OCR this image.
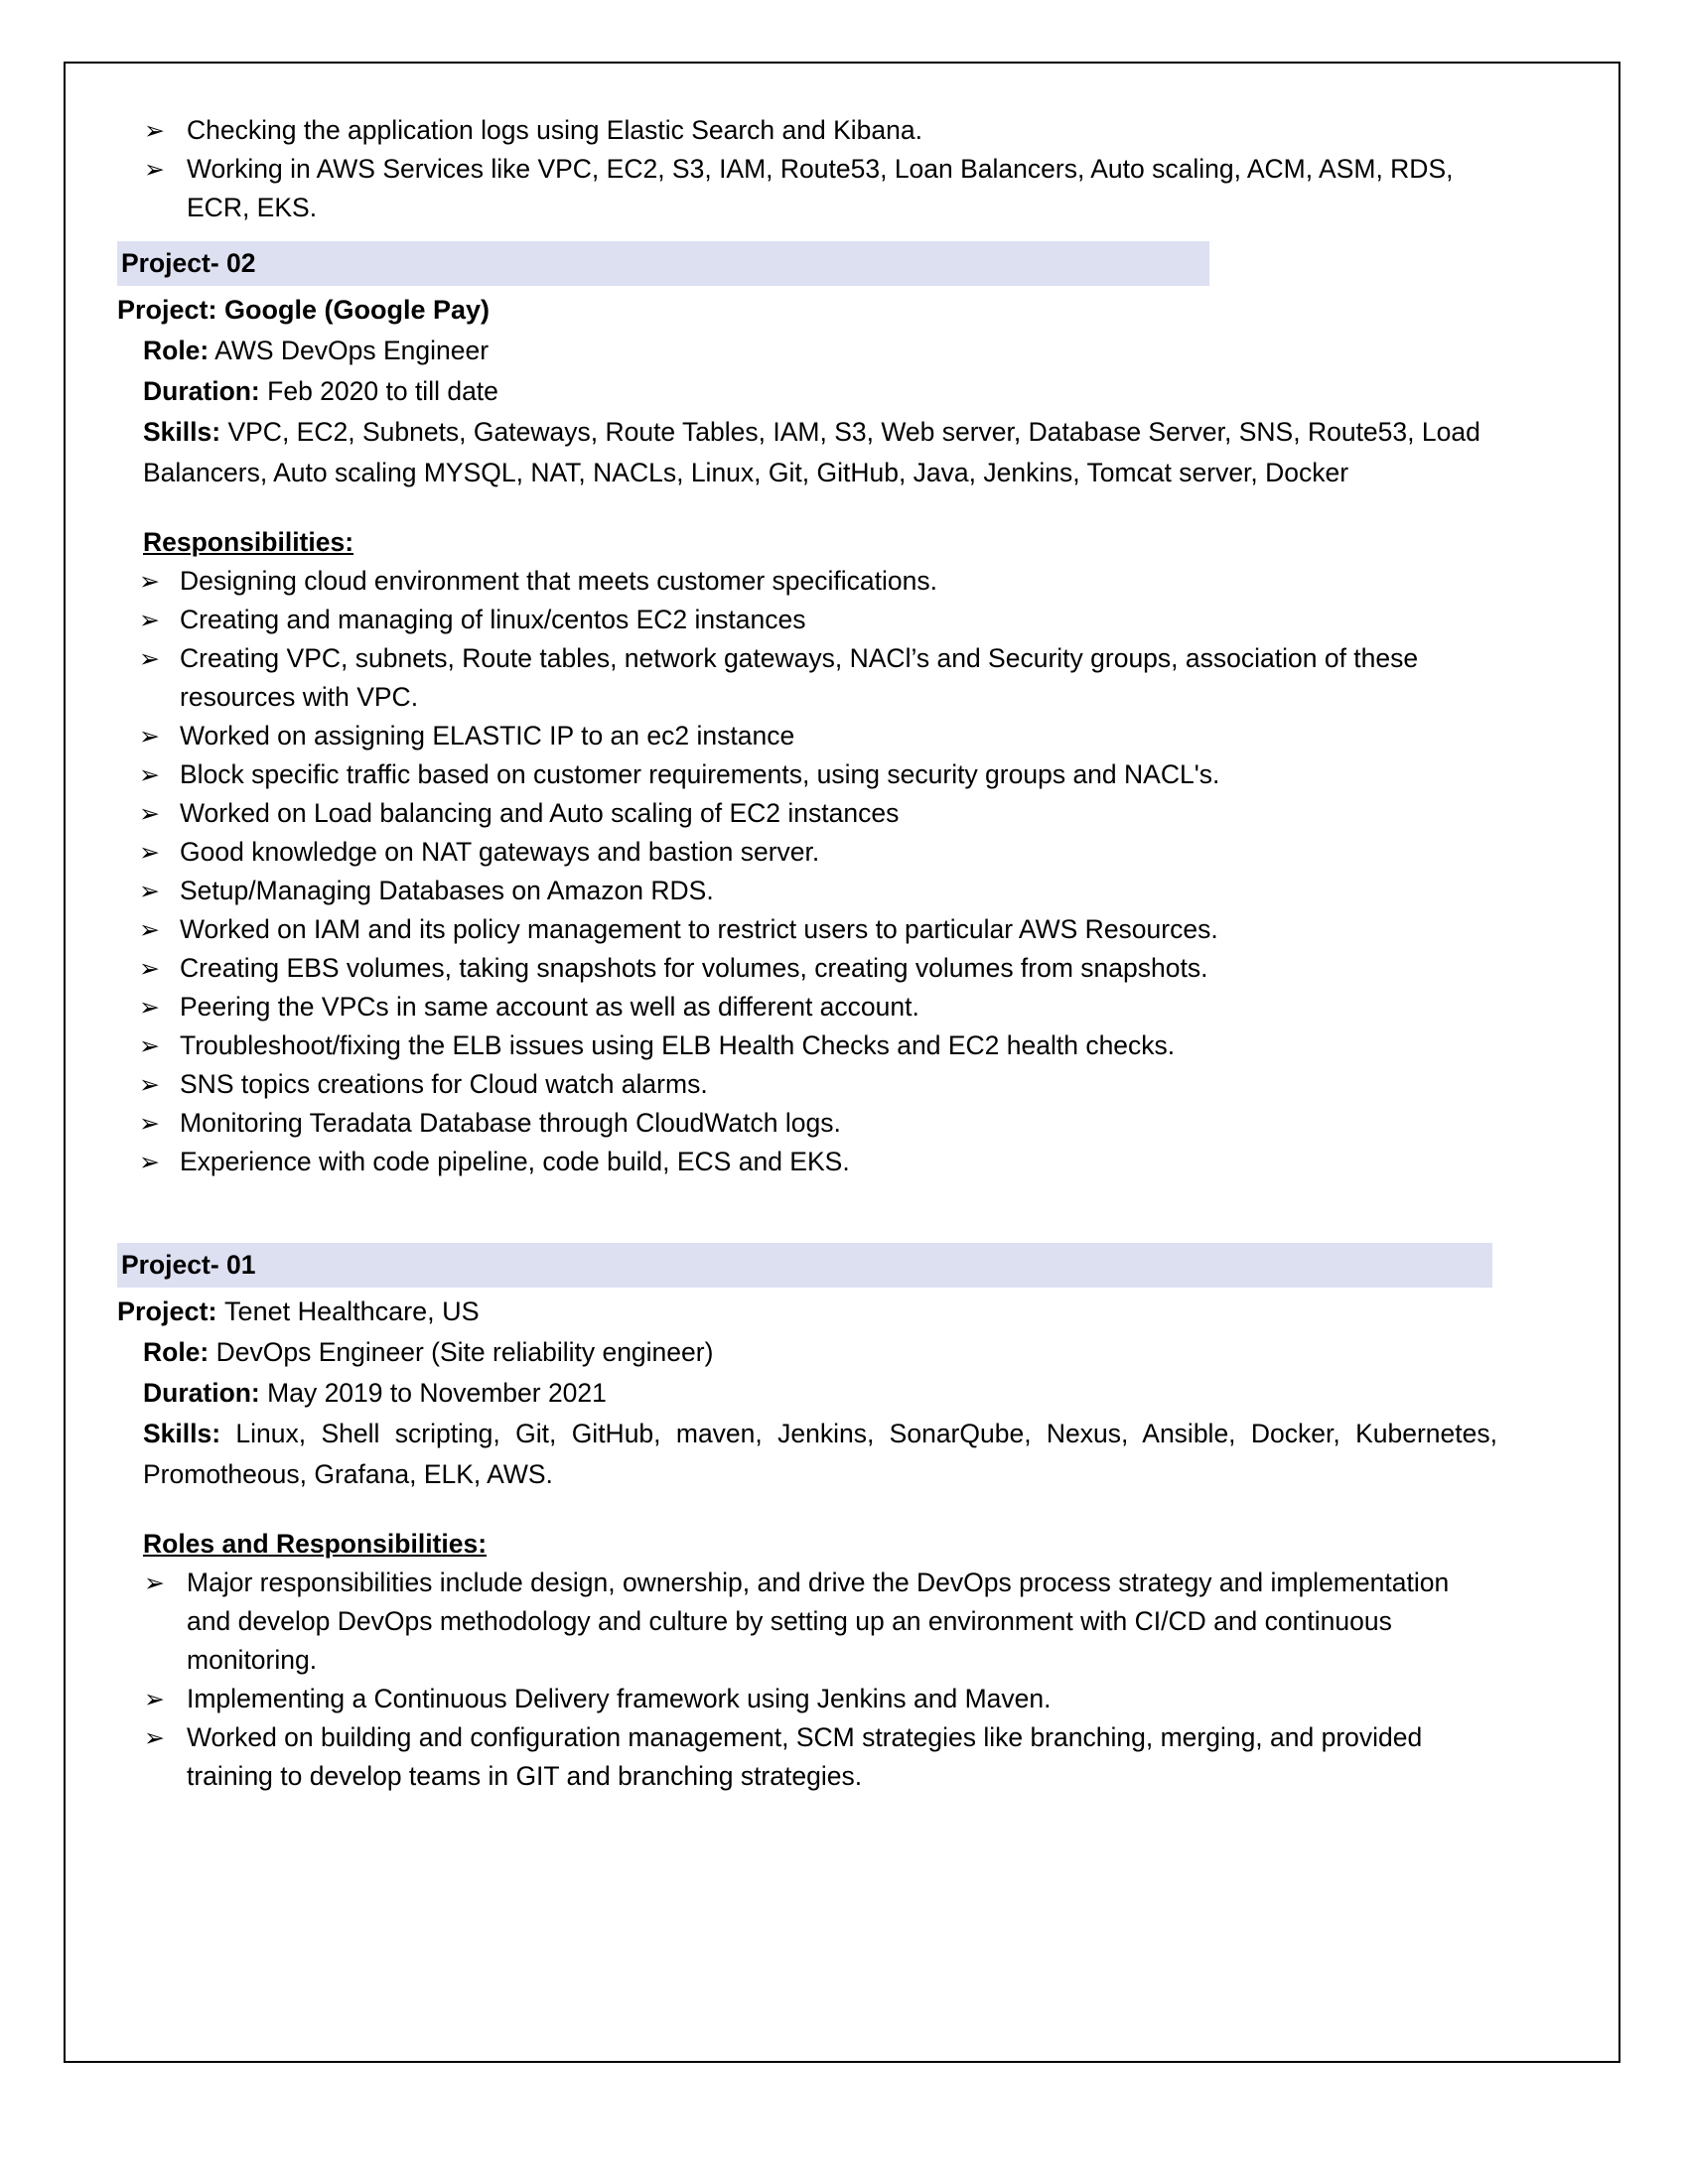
➢ Checking the application logs using Elastic Search and Kibana.
➢ Working in AWS Services like VPC, EC2, S3, IAM, Route53, Loan Balancers, Auto scaling, ACM, ASM, RDS, ECR, EKS.
Project- 02
Project: Google (Google Pay)
Role: AWS DevOps Engineer
Duration: Feb 2020 to till date
Skills: VPC, EC2, Subnets, Gateways, Route Tables, IAM, S3, Web server, Database Server, SNS, Route53, Load Balancers, Auto scaling MYSQL, NAT, NACLs, Linux, Git, GitHub, Java, Jenkins, Tomcat server, Docker
Responsibilities:
➢ Designing cloud environment that meets customer specifications.
➢ Creating and managing of linux/centos EC2 instances
➢ Creating VPC, subnets, Route tables, network gateways, NACl’s and Security groups, association of these resources with VPC.
➢ Worked on assigning ELASTIC IP to an ec2 instance
➢ Block specific traffic based on customer requirements, using security groups and NACL's.
➢ Worked on Load balancing and Auto scaling of EC2 instances
➢ Good knowledge on NAT gateways and bastion server.
➢ Setup/Managing Databases on Amazon RDS.
➢ Worked on IAM and its policy management to restrict users to particular AWS Resources.
➢ Creating EBS volumes, taking snapshots for volumes, creating volumes from snapshots.
➢ Peering the VPCs in same account as well as different account.
➢ Troubleshoot/fixing the ELB issues using ELB Health Checks and EC2 health checks.
➢ SNS topics creations for Cloud watch alarms.
➢ Monitoring Teradata Database through CloudWatch logs.
➢ Experience with code pipeline, code build, ECS and EKS.
Project- 01
Project: Tenet Healthcare, US
Role: DevOps Engineer (Site reliability engineer)
Duration: May 2019 to November 2021
Skills: Linux, Shell scripting, Git, GitHub, maven, Jenkins, SonarQube, Nexus, Ansible, Docker, Kubernetes, Promotheous, Grafana, ELK, AWS.
Roles and Responsibilities:
➢ Major responsibilities include design, ownership, and drive the DevOps process strategy and implementation and develop DevOps methodology and culture by setting up an environment with CI/CD and continuous monitoring.
➢ Implementing a Continuous Delivery framework using Jenkins and Maven.
➢ Worked on building and configuration management, SCM strategies like branching, merging, and provided training to develop teams in GIT and branching strategies.
